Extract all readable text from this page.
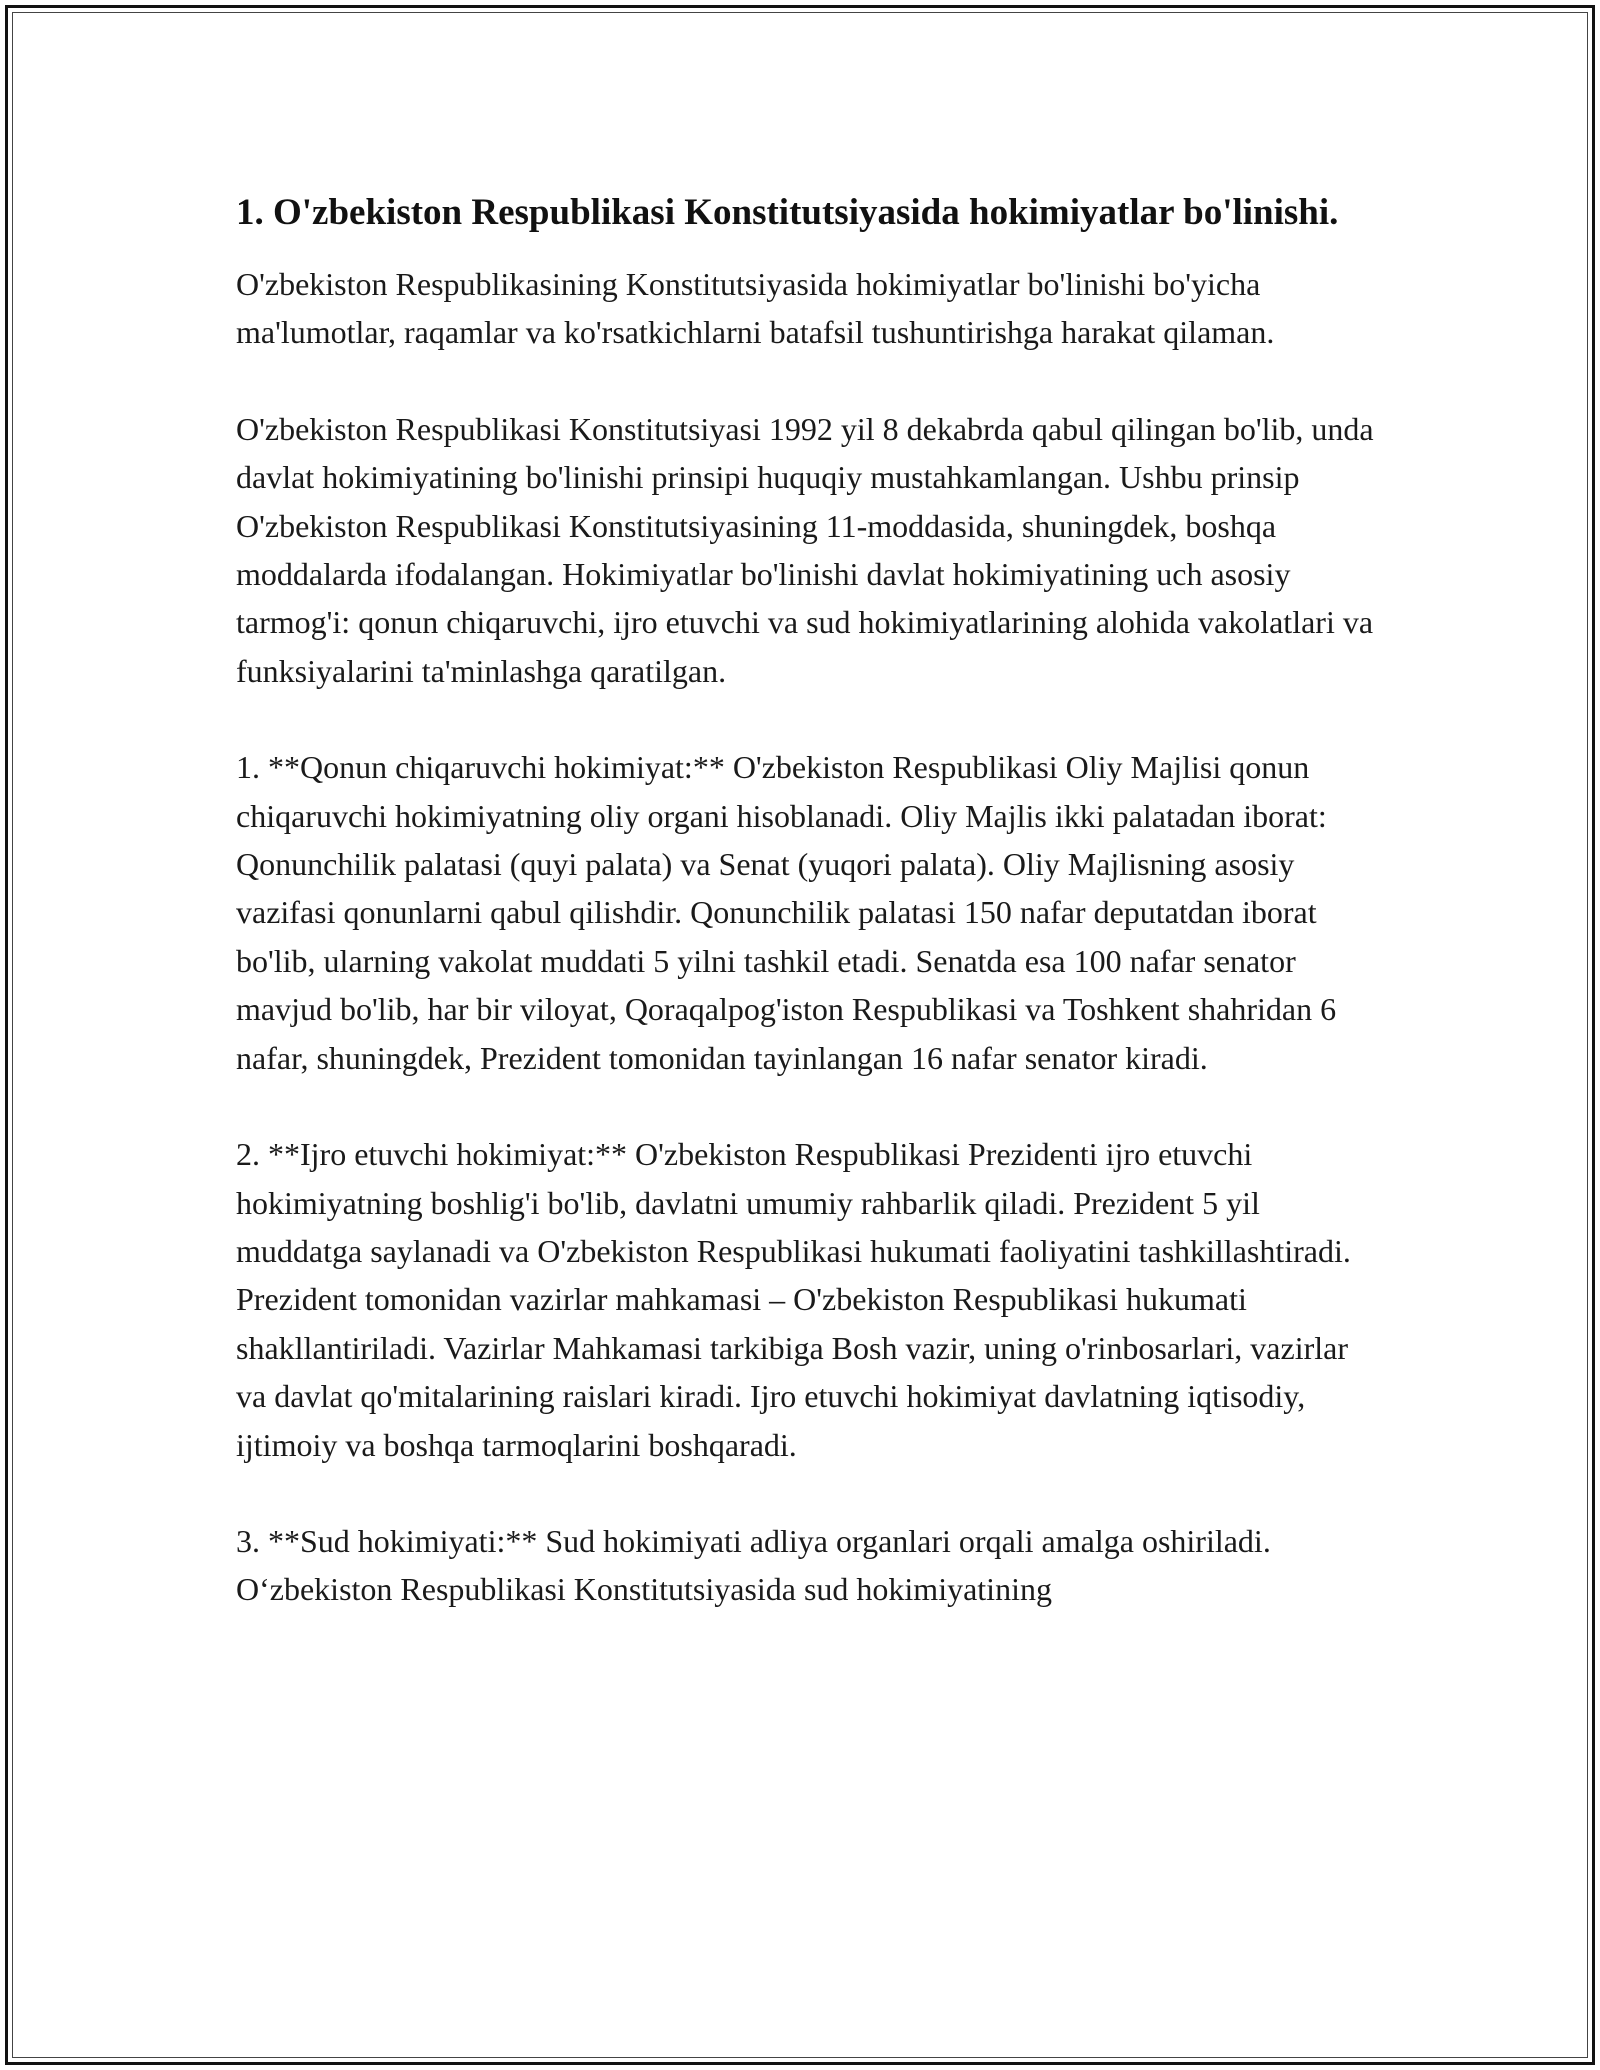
1. O'zbekiston Respublikasi Konstitutsiyasida hokimiyatlar bo'linishi.

O'zbekiston Respublikasining Konstitutsiyasida hokimiyatlar bo'linishi bo'yicha ma'lumotlar, raqamlar va ko'rsatkichlarni batafsil tushuntirishga harakat qilaman.

O'zbekiston Respublikasi Konstitutsiyasi 1992 yil 8 dekabrda qabul qilingan bo'lib, unda davlat hokimiyatining bo'linishi prinsipi huquqiy mustahkamlangan. Ushbu prinsip O'zbekiston Respublikasi Konstitutsiyasining 11-moddasida, shuningdek, boshqa moddalarda ifodalangan. Hokimiyatlar bo'linishi davlat hokimiyatining uch asosiy tarmog'i: qonun chiqaruvchi, ijro etuvchi va sud hokimiyatlarining alohida vakolatlari va funksiyalarini ta'minlashga qaratilgan.

1. **Qonun chiqaruvchi hokimiyat:** O'zbekiston Respublikasi Oliy Majlisi qonun chiqaruvchi hokimiyatning oliy organi hisoblanadi. Oliy Majlis ikki palatadan iborat: Qonunchilik palatasi (quyi palata) va Senat (yuqori palata). Oliy Majlisning asosiy vazifasi qonunlarni qabul qilishdir. Qonunchilik palatasi 150 nafar deputatdan iborat bo'lib, ularning vakolat muddati 5 yilni tashkil etadi. Senatda esa 100 nafar senator mavjud bo'lib, har bir viloyat, Qoraqalpog'iston Respublikasi va Toshkent shahridan 6 nafar, shuningdek, Prezident tomonidan tayinlangan 16 nafar senator kiradi.

2. **Ijro etuvchi hokimiyat:** O'zbekiston Respublikasi Prezidenti ijro etuvchi hokimiyatning boshlig'i bo'lib, davlatni umumiy rahbarlik qiladi. Prezident 5 yil muddatga saylanadi va O'zbekiston Respublikasi hukumati faoliyatini tashkillashtiradi. Prezident tomonidan vazirlar mahkamasi – O'zbekiston Respublikasi hukumati shakllantiriladi. Vazirlar Mahkamasi tarkibiga Bosh vazir, uning o'rinbosarlari, vazirlar va davlat qo'mitalarining raislari kiradi. Ijro etuvchi hokimiyat davlatning iqtisodiy, ijtimoiy va boshqa tarmoqlarini boshqaradi.

3. **Sud hokimiyati:** Sud hokimiyati adliya organlari orqali amalga oshiriladi. O‘zbekiston Respublikasi Konstitutsiyasida sud hokimiyatining
